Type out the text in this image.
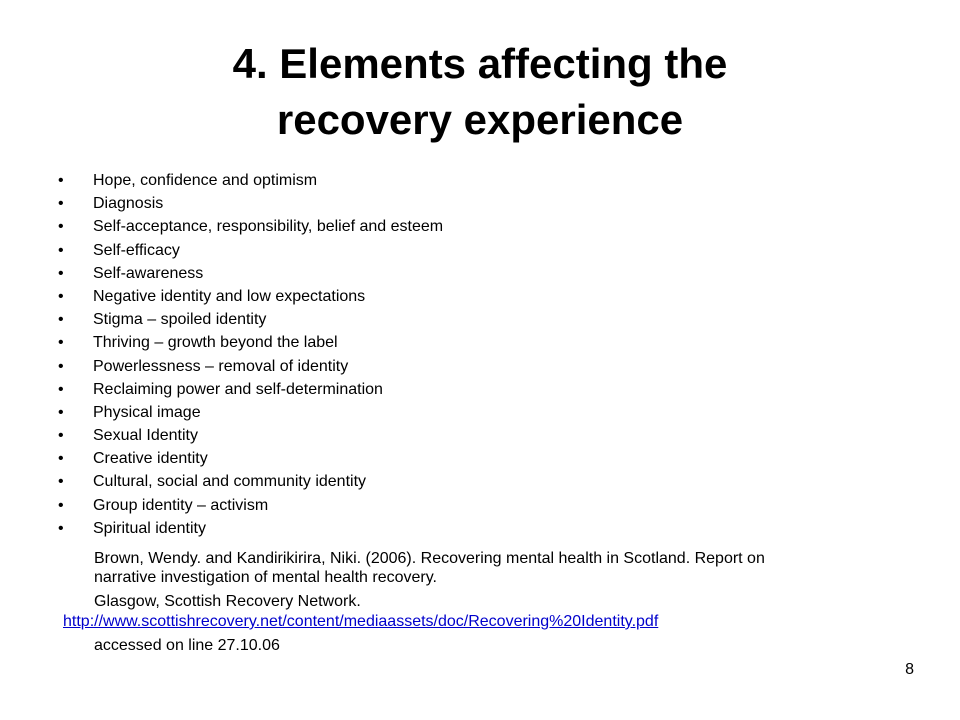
4. Elements affecting the
recovery experience
• Hope, confidence and optimism
• Diagnosis
• Self-acceptance, responsibility, belief and esteem
• Self-efficacy
• Self-awareness
• Negative identity and low expectations
• Stigma – spoiled identity
• Thriving – growth beyond the label
• Powerlessness – removal of identity
• Reclaiming power and self-determination
• Physical image
• Sexual Identity
• Creative identity
• Cultural, social and community identity
• Group identity – activism
• Spiritual identity
Brown, Wendy. and Kandirikirira, Niki. (2006). Recovering mental health in Scotland. Report on
narrative investigation of mental health recovery.
Glasgow, Scottish Recovery Network.
http://www.scottishrecovery.net/content/mediaassets/doc/Recovering%20Identity.pdf
accessed on line 27.10.06
8
